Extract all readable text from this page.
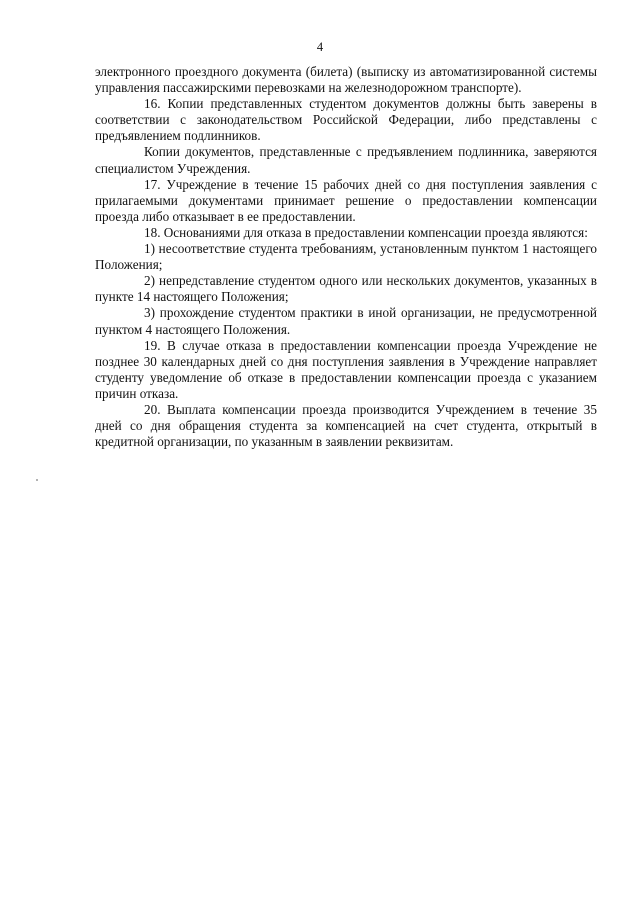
4

электронного проездного документа (билета) (выписку из автоматизированной системы управления пассажирскими перевозками на железнодорожном транспорте).

16. Копии представленных студентом документов должны быть заверены в соответствии с законодательством Российской Федерации, либо представлены с предъявлением подлинников.

Копии документов, представленные с предъявлением подлинника, заверяются специалистом Учреждения.

17. Учреждение в течение 15 рабочих дней со дня поступления заявления с прилагаемыми документами принимает решение о предоставлении компенсации проезда либо отказывает в ее предоставлении.

18. Основаниями для отказа в предоставлении компенсации проезда являются:

1) несоответствие студента требованиям, установленным пунктом 1 настоящего Положения;

2) непредставление студентом одного или нескольких документов, указанных в пункте 14 настоящего Положения;

3) прохождение студентом практики в иной организации, не предусмотренной пунктом 4 настоящего Положения.

19. В случае отказа в предоставлении компенсации проезда Учреждение не позднее 30 календарных дней со дня поступления заявления в Учреждение направляет студенту уведомление об отказе в предоставлении компенсации проезда с указанием причин отказа.

20. Выплата компенсации проезда производится Учреждением в течение 35 дней со дня обращения студента за компенсацией на счет студента, открытый в кредитной организации, по указанным в заявлении реквизитам.
